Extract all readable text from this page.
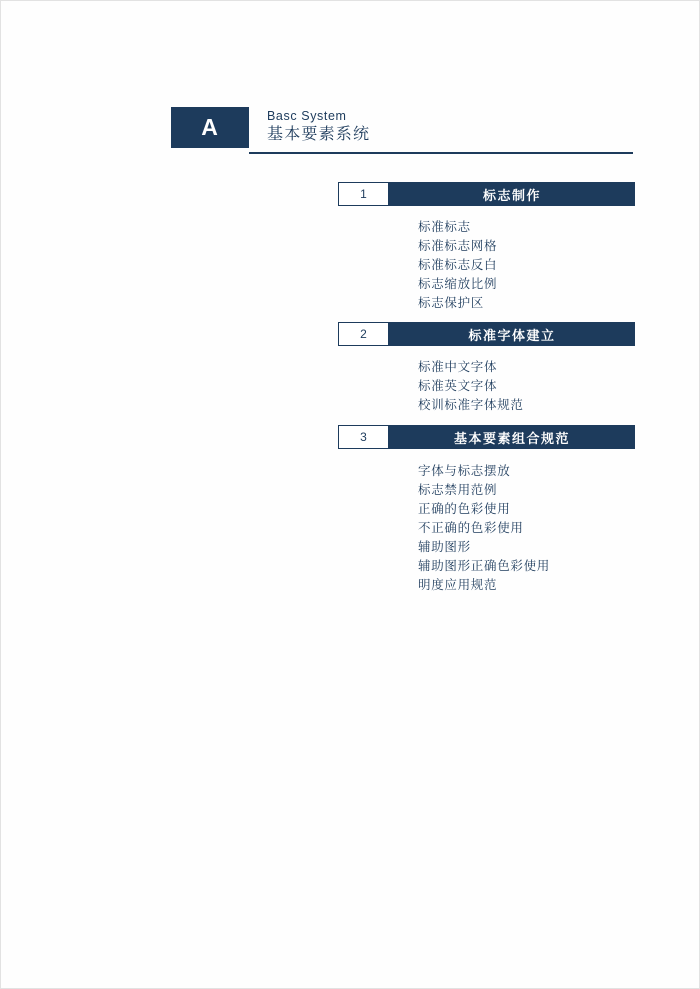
A	Basc System
基本要素系统
1	标志制作
标准标志
标准标志网格
标准标志反白
标志缩放比例
标志保护区
2	标准字体建立
标准中文字体
标准英文字体
校训标准字体规范
3	基本要素组合规范
字体与标志摆放
标志禁用范例
正确的色彩使用
不正确的色彩使用
辅助图形
辅助图形正确色彩使用
明度应用规范
